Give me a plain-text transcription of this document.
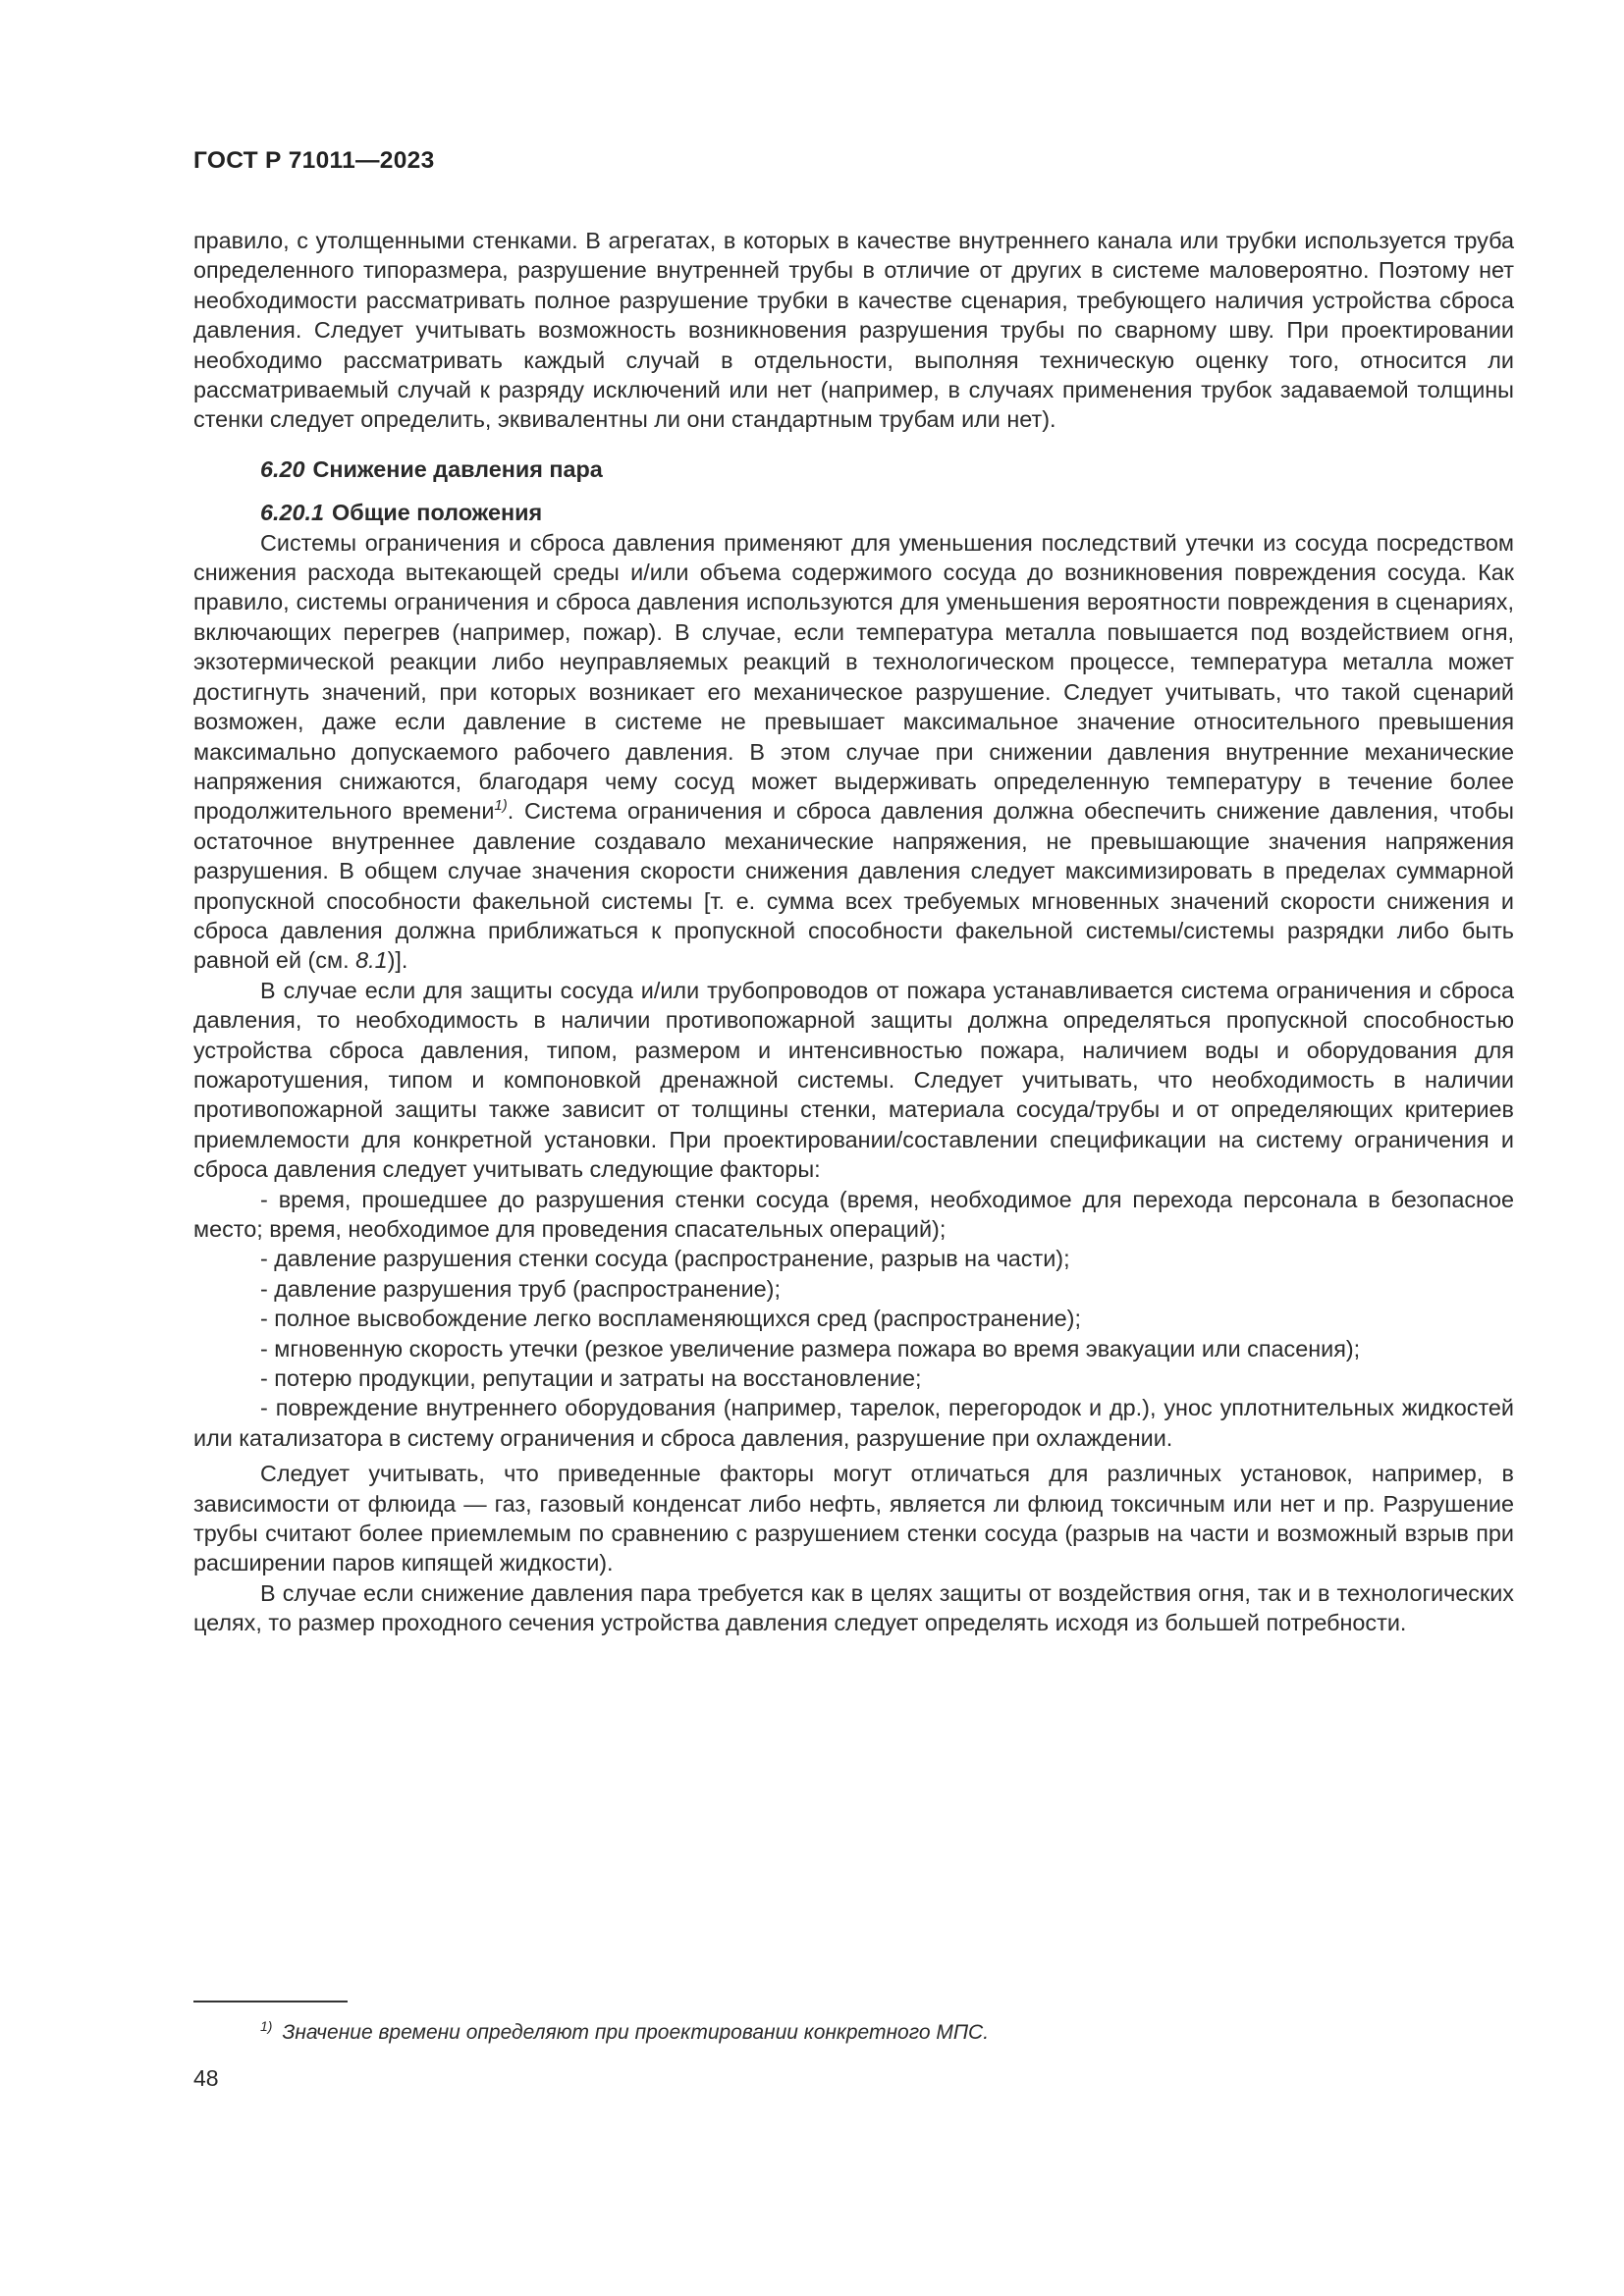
ГОСТ Р 71011—2023

правило, с утолщенными стенками. В агрегатах, в которых в качестве внутреннего канала или трубки используется труба определенного типоразмера, разрушение внутренней трубы в отличие от других в системе маловероятно. Поэтому нет необходимости рассматривать полное разрушение трубки в качестве сценария, требующего наличия устройства сброса давления. Следует учитывать возможность возникновения разрушения трубы по сварному шву. При проектировании необходимо рассматривать каждый случай в отдельности, выполняя техническую оценку того, относится ли рассматриваемый случай к разряду исключений или нет (например, в случаях применения трубок задаваемой толщины стенки следует определить, эквивалентны ли они стандартным трубам или нет).

6.20 Снижение давления пара

6.20.1 Общие положения

Системы ограничения и сброса давления применяют для уменьшения последствий утечки из сосуда посредством снижения расхода вытекающей среды и/или объема содержимого сосуда до возникновения повреждения сосуда. Как правило, системы ограничения и сброса давления используются для уменьшения вероятности повреждения в сценариях, включающих перегрев (например, пожар). В случае, если температура металла повышается под воздействием огня, экзотермической реакции либо неуправляемых реакций в технологическом процессе, температура металла может достигнуть значений, при которых возникает его механическое разрушение. Следует учитывать, что такой сценарий возможен, даже если давление в системе не превышает максимальное значение относительного превышения максимально допускаемого рабочего давления. В этом случае при снижении давления внутренние механические напряжения снижаются, благодаря чему сосуд может выдерживать определенную температуру в течение более продолжительного времени$^{1)}$. Система ограничения и сброса давления должна обеспечить снижение давления, чтобы остаточное внутреннее давление создавало механические напряжения, не превышающие значения напряжения разрушения. В общем случае значения скорости снижения давления следует максимизировать в пределах суммарной пропускной способности факельной системы [т. е. сумма всех требуемых мгновенных значений скорости снижения и сброса давления должна приближаться к пропускной способности факельной системы/системы разрядки либо быть равной ей (см. 8.1)].

В случае если для защиты сосуда и/или трубопроводов от пожара устанавливается система ограничения и сброса давления, то необходимость в наличии противопожарной защиты должна определяться пропускной способностью устройства сброса давления, типом, размером и интенсивностью пожара, наличием воды и оборудования для пожаротушения, типом и компоновкой дренажной системы. Следует учитывать, что необходимость в наличии противопожарной защиты также зависит от толщины стенки, материала сосуда/трубы и от определяющих критериев приемлемости для конкретной установки. При проектировании/составлении спецификации на систему ограничения и сброса давления следует учитывать следующие факторы:

- время, прошедшее до разрушения стенки сосуда (время, необходимое для перехода персонала в безопасное место; время, необходимое для проведения спасательных операций);

- давление разрушения стенки сосуда (распространение, разрыв на части);

- давление разрушения труб (распространение);

- полное высвобождение легко воспламеняющихся сред (распространение);

- мгновенную скорость утечки (резкое увеличение размера пожара во время эвакуации или спасения);

- потерю продукции, репутации и затраты на восстановление;

- повреждение внутреннего оборудования (например, тарелок, перегородок и др.), унос уплотнительных жидкостей или катализатора в систему ограничения и сброса давления, разрушение при охлаждении.

Следует учитывать, что приведенные факторы могут отличаться для различных установок, например, в зависимости от флюида — газ, газовый конденсат либо нефть, является ли флюид токсичным или нет и пр. Разрушение трубы считают более приемлемым по сравнению с разрушением стенки сосуда (разрыв на части и возможный взрыв при расширении паров кипящей жидкости).

В случае если снижение давления пара требуется как в целях защиты от воздействия огня, так и в технологических целях, то размер проходного сечения устройства давления следует определять исходя из большей потребности.

$^{1)}$ Значение времени определяют при проектировании конкретного МПС.
48
